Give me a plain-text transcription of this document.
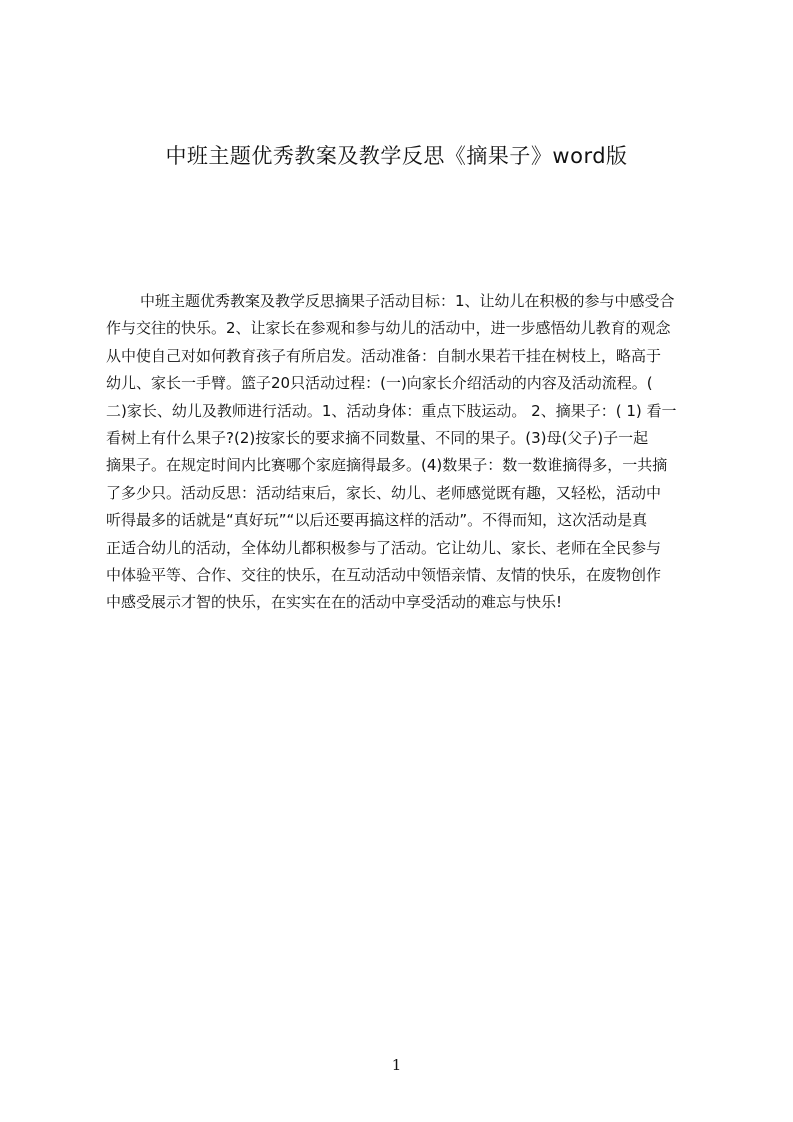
中班主题优秀教案及教学反思《摘果子》word版
中班主题优秀教案及教学反思摘果子活动目标：1、让幼儿在积极的参与中感受合
作与交往的快乐。2、让家长在参观和参与幼儿的活动中，进一步感悟幼儿教育的观念
从中使自己对如何教育孩子有所启发。活动准备：自制水果若干挂在树枝上，略高于
幼儿、家长一手臂。篮子20只活动过程：(一)向家长介绍活动的内容及活动流程。(
二)家长、幼儿及教师进行活动。1、活动身体：重点下肢运动。 2、摘果子：( 1) 看一
看树上有什么果子?(2)按家长的要求摘不同数量、不同的果子。(3)母(父子)子一起
摘果子。在规定时间内比赛哪个家庭摘得最多。(4)数果子：数一数谁摘得多，一共摘
了多少只。活动反思：活动结束后，家长、幼儿、老师感觉既有趣，又轻松，活动中
听得最多的话就是“真好玩”“以后还要再搞这样的活动”。不得而知，这次活动是真
正适合幼儿的活动，全体幼儿都积极参与了活动。它让幼儿、家长、老师在全民参与
中体验平等、合作、交往的快乐，在互动活动中领悟亲情、友情的快乐，在废物创作
中感受展示才智的快乐，在实实在在的活动中享受活动的难忘与快乐!
1
